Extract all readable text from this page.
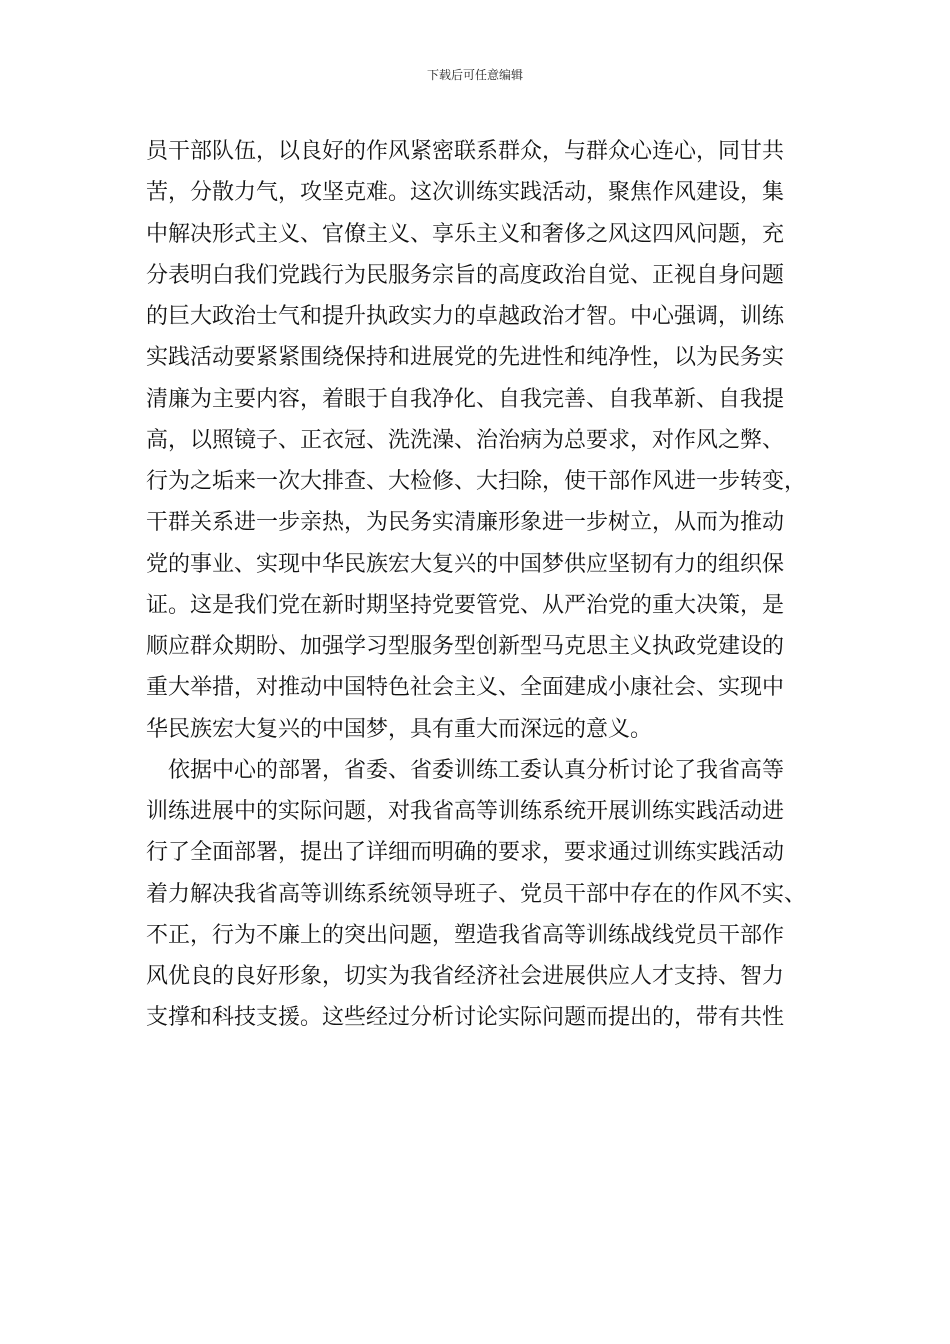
下载后可任意编辑
员干部队伍，以良好的作风紧密联系群众，与群众心连心，同甘共
苦，分散力气，攻坚克难。这次训练实践活动，聚焦作风建设，集
中解决形式主义、官僚主义、享乐主义和奢侈之风这四风问题，充
分表明白我们党践行为民服务宗旨的高度政治自觉、正视自身问题
的巨大政治士气和提升执政实力的卓越政治才智。中心强调，训练
实践活动要紧紧围绕保持和进展党的先进性和纯净性，以为民务实
清廉为主要内容，着眼于自我净化、自我完善、自我革新、自我提
高，以照镜子、正衣冠、洗洗澡、治治病为总要求，对作风之弊、
行为之垢来一次大排查、大检修、大扫除，使干部作风进一步转变，
干群关系进一步亲热，为民务实清廉形象进一步树立，从而为推动
党的事业、实现中华民族宏大复兴的中国梦供应坚韧有力的组织保
证。这是我们党在新时期坚持党要管党、从严治党的重大决策，是
顺应群众期盼、加强学习型服务型创新型马克思主义执政党建设的
重大举措，对推动中国特色社会主义、全面建成小康社会、实现中
华民族宏大复兴的中国梦，具有重大而深远的意义。
依据中心的部署，省委、省委训练工委认真分析讨论了我省高等
训练进展中的实际问题，对我省高等训练系统开展训练实践活动进
行了全面部署，提出了详细而明确的要求，要求通过训练实践活动
着力解决我省高等训练系统领导班子、党员干部中存在的作风不实、
不正，行为不廉上的突出问题，塑造我省高等训练战线党员干部作
风优良的良好形象，切实为我省经济社会进展供应人才支持、智力
支撑和科技支援。这些经过分析讨论实际问题而提出的，带有共性
